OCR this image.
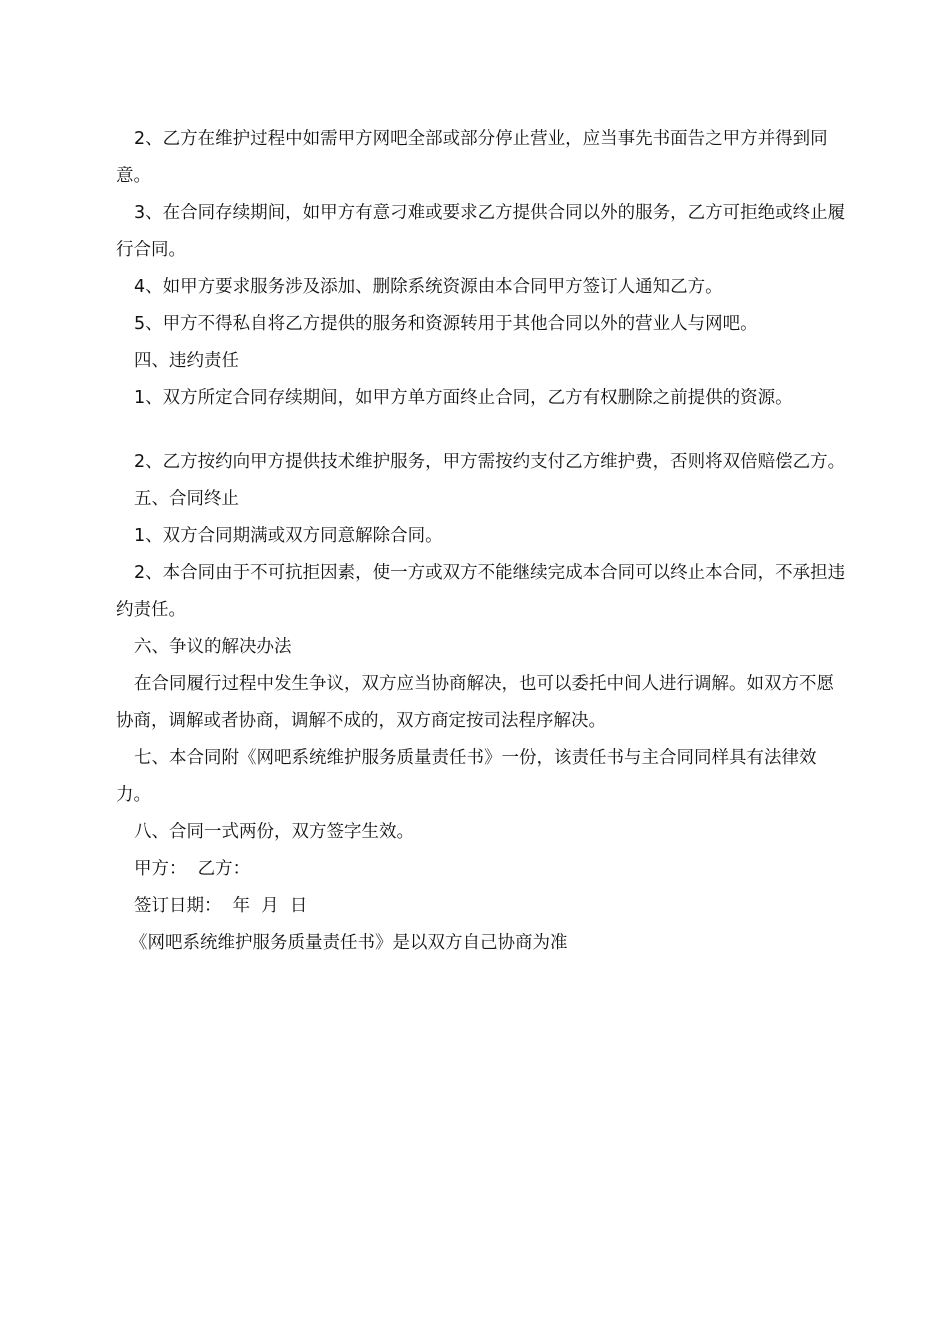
2、乙方在维护过程中如需甲方网吧全部或部分停止营业，应当事先书面告之甲方并得到同意。

3、在合同存续期间，如甲方有意刁难或要求乙方提供合同以外的服务，乙方可拒绝或终止履行合同。

4、如甲方要求服务涉及添加、删除系统资源由本合同甲方签订人通知乙方。

5、甲方不得私自将乙方提供的服务和资源转用于其他合同以外的营业人与网吧。

四、违约责任

1、双方所定合同存续期间，如甲方单方面终止合同，乙方有权删除之前提供的资源。

2、乙方按约向甲方提供技术维护服务，甲方需按约支付乙方维护费，否则将双倍赔偿乙方。

五、合同终止

1、双方合同期满或双方同意解除合同。

2、本合同由于不可抗拒因素，使一方或双方不能继续完成本合同可以终止本合同，不承担违约责任。

六、争议的解决办法

在合同履行过程中发生争议，双方应当协商解决，也可以委托中间人进行调解。如双方不愿协商，调解或者协商，调解不成的，双方商定按司法程序解决。

七、本合同附《网吧系统维护服务质量责任书》一份，该责任书与主合同同样具有法律效力。

八、合同一式两份，双方签字生效。

甲方：  乙方：

签订日期：  年  月  日

《网吧系统维护服务质量责任书》是以双方自己协商为准
